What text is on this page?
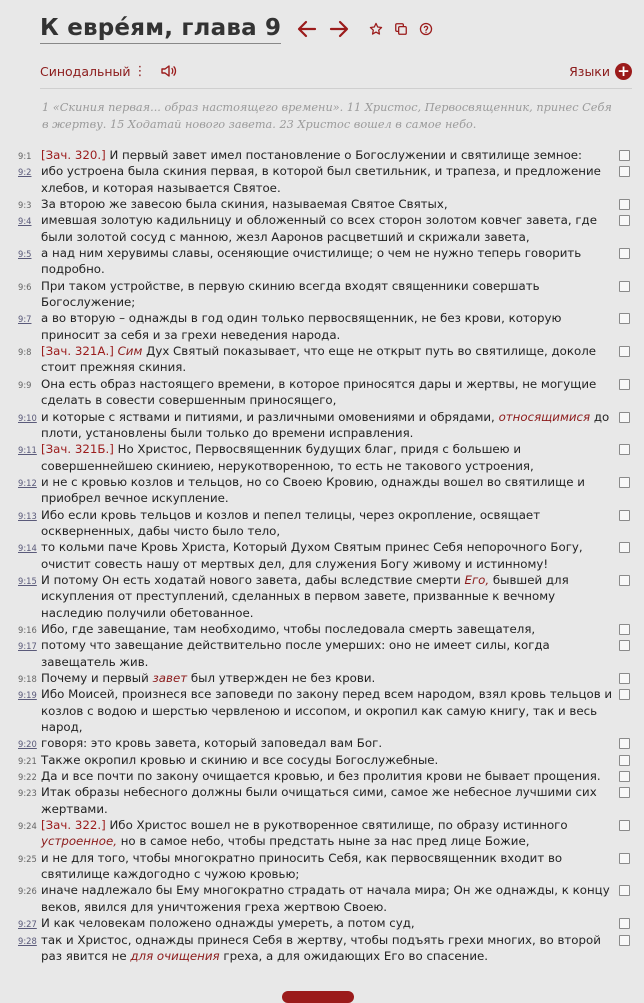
К евре́ям, глава 9
Синодальный ⋮	Языки +
1 «Скиния первая... образ настоящего времени». 11 Христос, Первосвященник, принес Себя в жертву. 15 Ходатай нового завета. 23 Христос вошел в самое небо.
9:1 [Зач. 320.] И первый завет имел постановление о Богослужении и святилище земное:
9:2 ибо устроена была скиния первая, в которой был светильник, и трапеза, и предложение хлебов, и которая называется Святое.
9:3 За второю же завесою была скиния, называемая Святое Святых,
9:4 имевшая золотую кадильницу и обложенный со всех сторон золотом ковчег завета, где были золотой сосуд с манною, жезл Ааронов расцветший и скрижали завета,
9:5 а над ним херувимы славы, осеняющие очистилище; о чем не нужно теперь говорить подробно.
9:6 При таком устройстве, в первую скинию всегда входят священники совершать Богослужение;
9:7 а во вторую – однажды в год один только первосвященник, не без крови, которую приносит за себя и за грехи неведения народа.
9:8 [Зач. 321А.] Сим Дух Святый показывает, что еще не открыт путь во святилище, доколе стоит прежняя скиния.
9:9 Она есть образ настоящего времени, в которое приносятся дары и жертвы, не могущие сделать в совести совершенным приносящего,
9:10 и которые с яствами и питиями, и различными омовениями и обрядами, относящимися до плоти, установлены были только до времени исправления.
9:11 [Зач. 321Б.] Но Христос, Первосвященник будущих благ, придя с большею и совершеннейшею скиниею, нерукотворенною, то есть не такового устроения,
9:12 и не с кровью козлов и тельцов, но со Своею Кровию, однажды вошел во святилище и приобрел вечное искупление.
9:13 Ибо если кровь тельцов и козлов и пепел телицы, через окропление, освящает оскверненных, дабы чисто было тело,
9:14 то кольми паче Кровь Христа, Который Духом Святым принес Себя непорочного Богу, очистит совесть нашу от мертвых дел, для служения Богу живому и истинному!
9:15 И потому Он есть ходатай нового завета, дабы вследствие смерти Его, бывшей для искупления от преступлений, сделанных в первом завете, призванные к вечному наследию получили обетованное.
9:16 Ибо, где завещание, там необходимо, чтобы последовала смерть завещателя,
9:17 потому что завещание действительно после умерших: оно не имеет силы, когда завещатель жив.
9:18 Почему и первый завет был утвержден не без крови.
9:19 Ибо Моисей, произнеся все заповеди по закону перед всем народом, взял кровь тельцов и козлов с водою и шерстью червленою и иссопом, и окропил как самую книгу, так и весь народ,
9:20 говоря: это кровь завета, который заповедал вам Бог.
9:21 Также окропил кровью и скинию и все сосуды Богослужебные.
9:22 Да и все почти по закону очищается кровью, и без пролития крови не бывает прощения.
9:23 Итак образы небесного должны были очищаться сими, самое же небесное лучшими сих жертвами.
9:24 [Зач. 322.] Ибо Христос вошел не в рукотворенное святилище, по образу истинного устроенное, но в самое небо, чтобы предстать ныне за нас пред лице Божие,
9:25 и не для того, чтобы многократно приносить Себя, как первосвященник входит во святилище каждогодно с чужою кровью;
9:26 иначе надлежало бы Ему многократно страдать от начала мира; Он же однажды, к концу веков, явился для уничтожения греха жертвою Своею.
9:27 И как человекам положено однажды умереть, а потом суд,
9:28 так и Христос, однажды принеся Себя в жертву, чтобы подъять грехи многих, во второй раз явится не для очищения греха, а для ожидающих Его во спасение.
